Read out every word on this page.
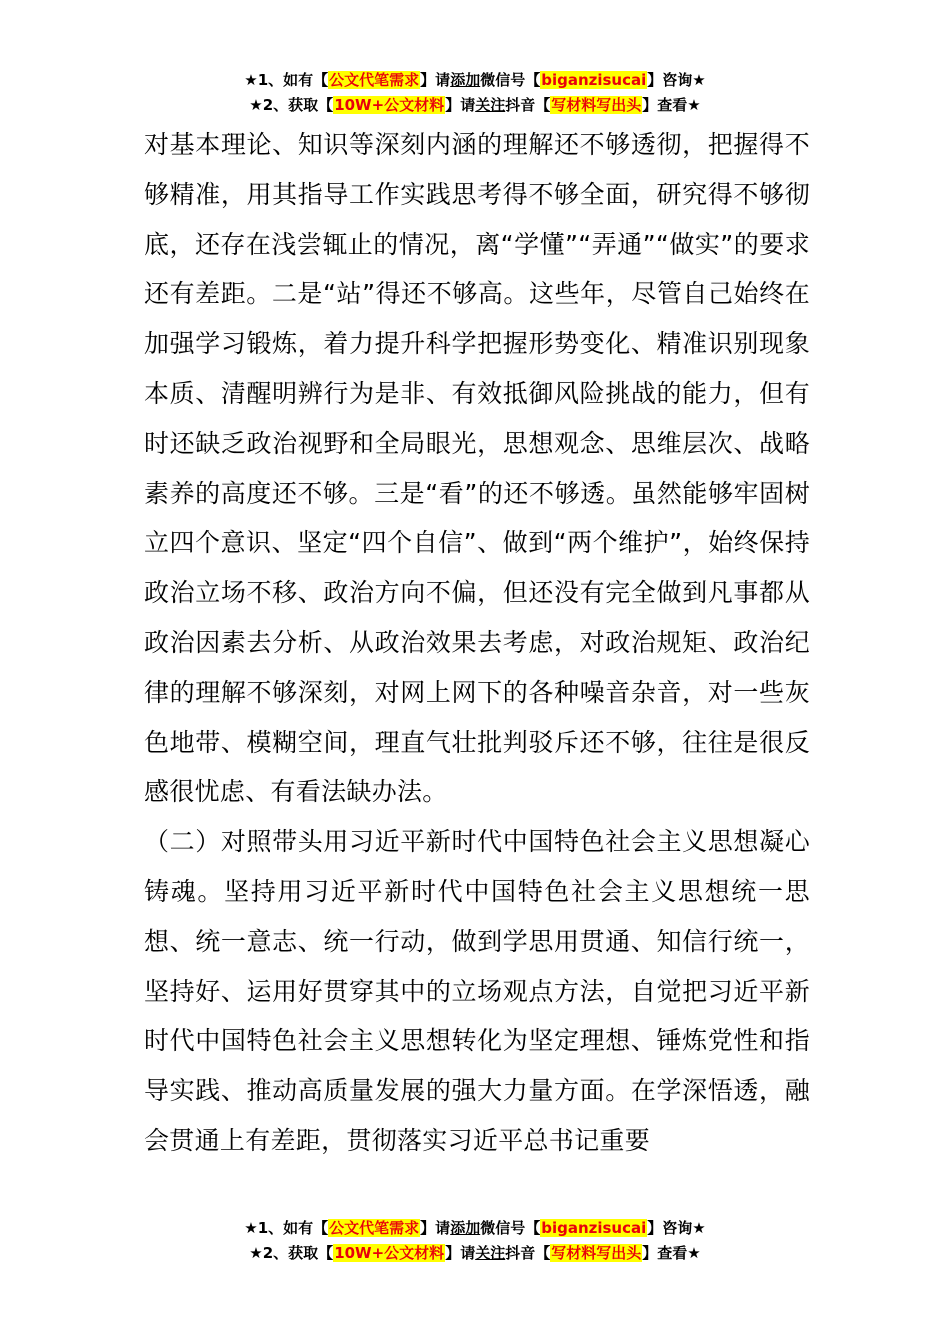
★1、如有【公文代笔需求】请添加微信号【biganzisucai】咨询★
★2、获取【10W+公文材料】请关注抖音【写材料写出头】查看★

对基本理论、知识等深刻内涵的理解还不够透彻，把握得不够精准，用其指导工作实践思考得不够全面，研究得不够彻底，还存在浅尝辄止的情况，离“学懂”“弄通”“做实”的要求还有差距。二是“站”得还不够高。这些年，尽管自己始终在加强学习锻炼，着力提升科学把握形势变化、精准识别现象本质、清醒明辨行为是非、有效抵御风险挑战的能力，但有时还缺乏政治视野和全局眼光，思想观念、思维层次、战略素养的高度还不够。三是“看”的还不够透。虽然能够牢固树立四个意识、坚定“四个自信”、做到“两个维护”，始终保持政治立场不移、政治方向不偏，但还没有完全做到凡事都从政治因素去分析、从政治效果去考虑，对政治规矩、政治纪律的理解不够深刻，对网上网下的各种噪音杂音，对一些灰色地带、模糊空间，理直气壮批判驳斥还不够，往往是很反感很忧虑、有看法缺办法。

（二）对照带头用习近平新时代中国特色社会主义思想凝心铸魂。坚持用习近平新时代中国特色社会主义思想统一思想、统一意志、统一行动，做到学思用贯通、知信行统一，坚持好、运用好贯穿其中的立场观点方法，自觉把习近平新时代中国特色社会主义思想转化为坚定理想、锤炼党性和指导实践、推动高质量发展的强大力量方面。在学深悟透，融会贯通上有差距，贯彻落实习近平总书记重要

★1、如有【公文代笔需求】请添加微信号【biganzisucai】咨询★
★2、获取【10W+公文材料】请关注抖音【写材料写出头】查看★
